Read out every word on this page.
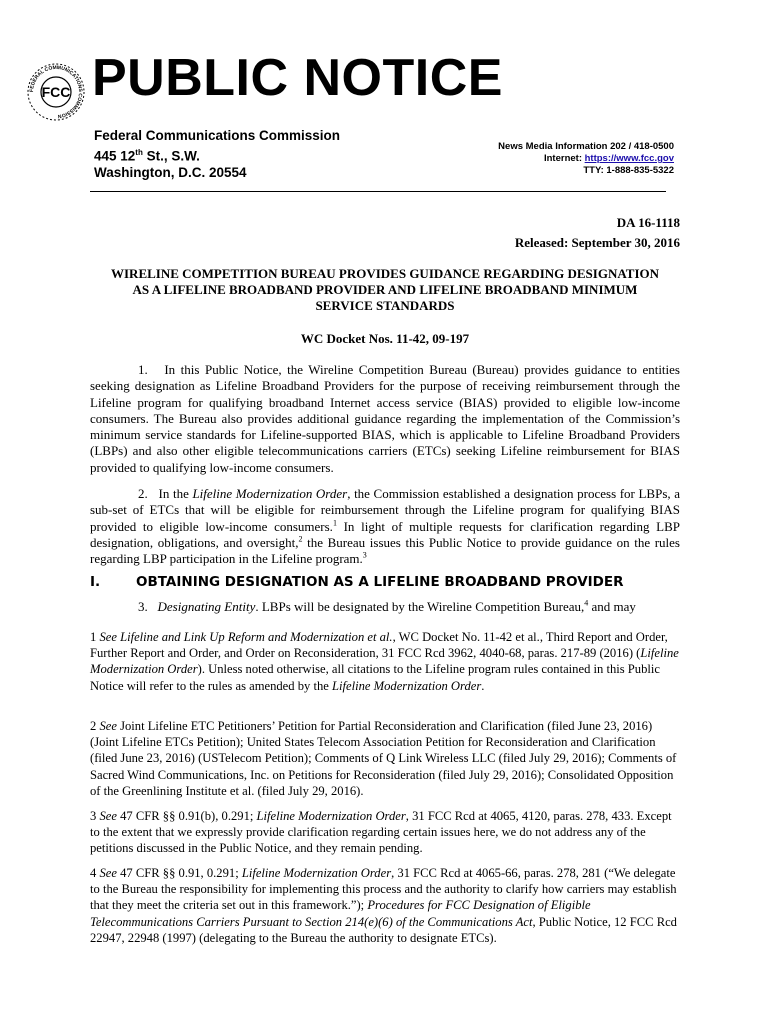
FEDERAL COMMUNICATIONS COMMISSION
FCC PUBLIC NOTICE
Federal Communications Commission
445 12th St., S.W.
Washington, D.C. 20554
News Media Information 202 / 418-0500
Internet: https://www.fcc.gov
TTY: 1-888-835-5322
DA 16-1118
Released: September 30, 2016
WIRELINE COMPETITION BUREAU PROVIDES GUIDANCE REGARDING DESIGNATION
AS A LIFELINE BROADBAND PROVIDER AND LIFELINE BROADBAND MINIMUM
SERVICE STANDARDS
WC Docket Nos. 11-42, 09-197
1. In this Public Notice, the Wireline Competition Bureau (Bureau) provides guidance to entities seeking designation as Lifeline Broadband Providers for the purpose of receiving reimbursement through the Lifeline program for qualifying broadband Internet access service (BIAS) provided to eligible low-income consumers. The Bureau also provides additional guidance regarding the implementation of the Commission’s minimum service standards for Lifeline-supported BIAS, which is applicable to Lifeline Broadband Providers (LBPs) and also other eligible telecommunications carriers (ETCs) seeking Lifeline reimbursement for BIAS provided to qualifying low-income consumers.
2. In the Lifeline Modernization Order, the Commission established a designation process for LBPs, a sub-set of ETCs that will be eligible for reimbursement through the Lifeline program for qualifying BIAS provided to eligible low-income consumers.$^1$ In light of multiple requests for clarification regarding LBP designation, obligations, and oversight,$^2$ the Bureau issues this Public Notice to provide guidance on the rules regarding LBP participation in the Lifeline program.$^3$
I.	OBTAINING DESIGNATION AS A LIFELINE BROADBAND PROVIDER
3. Designating Entity. LBPs will be designated by the Wireline Competition Bureau,$^4$ and may
1 See Lifeline and Link Up Reform and Modernization et al., WC Docket No. 11-42 et al., Third Report and Order, Further Report and Order, and Order on Reconsideration, 31 FCC Rcd 3962, 4040-68, paras. 217-89 (2016) (Lifeline Modernization Order). Unless noted otherwise, all citations to the Lifeline program rules contained in this Public Notice will refer to the rules as amended by the Lifeline Modernization Order.
2 See Joint Lifeline ETC Petitioners’ Petition for Partial Reconsideration and Clarification (filed June 23, 2016) (Joint Lifeline ETCs Petition); United States Telecom Association Petition for Reconsideration and Clarification (filed June 23, 2016) (USTelecom Petition); Comments of Q Link Wireless LLC (filed July 29, 2016); Comments of Sacred Wind Communications, Inc. on Petitions for Reconsideration (filed July 29, 2016); Consolidated Opposition of the Greenlining Institute et al. (filed July 29, 2016).
3 See 47 CFR §§ 0.91(b), 0.291; Lifeline Modernization Order, 31 FCC Rcd at 4065, 4120, paras. 278, 433. Except to the extent that we expressly provide clarification regarding certain issues here, we do not address any of the petitions discussed in the Public Notice, and they remain pending.
4 See 47 CFR §§ 0.91, 0.291; Lifeline Modernization Order, 31 FCC Rcd at 4065-66, paras. 278, 281 (“We delegate to the Bureau the responsibility for implementing this process and the authority to clarify how carriers may establish that they meet the criteria set out in this framework.”); Procedures for FCC Designation of Eligible Telecommunications Carriers Pursuant to Section 214(e)(6) of the Communications Act, Public Notice, 12 FCC Rcd 22947, 22948 (1997) (delegating to the Bureau the authority to designate ETCs).
